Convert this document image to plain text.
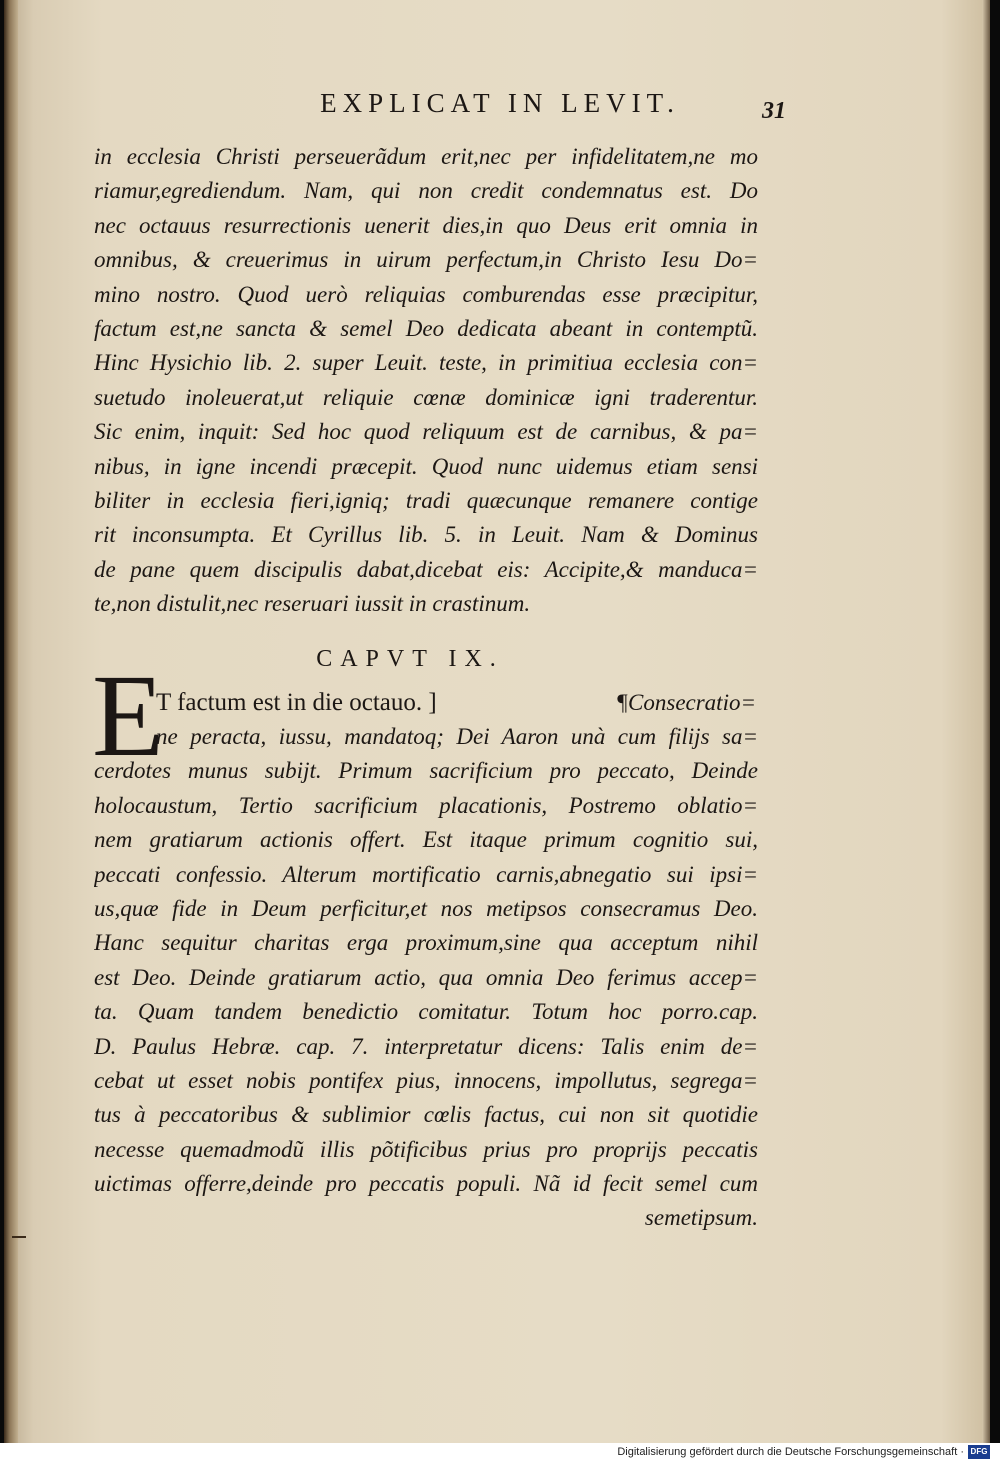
EXPLICAT IN LEVIT.	31
in ecclesia Christi perseuerãdum erit,nec per infidelitatem,ne mo
riamur,egrediendum. Nam, qui non credit condemnatus est. Do
nec octauus resurrectionis uenerit dies,in quo Deus erit omnia in
omnibus, & creuerimus in uirum perfectum,in Christo Iesu Do=
mino nostro. Quod uerò reliquias comburendas esse præcipitur,
factum est,ne sancta & semel Deo dedicata abeant in contemptũ.
Hinc Hysichio lib. 2. super Leuit. teste, in primitiua ecclesia con=
suetudo inoleuerat,ut reliquie cœnæ dominicæ igni traderentur.
Sic enim, inquit: Sed hoc quod reliquum est de carnibus, & pa=
nibus, in igne incendi præcepit. Quod nunc uidemus etiam sensi
biliter in ecclesia fieri,igniq; tradi quæcunque remanere contige
rit inconsumpta. Et Cyrillus lib. 5. in Leuit. Nam & Dominus
de pane quem discipulis dabat,dicebat eis: Accipite,& manduca=
te,non distulit,nec reseruari iussit in crastinum.
CAPVT IX.
E
T factum est in die octauo. ]	¶Consecratio=
ne peracta, iussu, mandatoq; Dei Aaron unà cum filijs sa=
cerdotes munus subijt. Primum sacrificium pro peccato, Deinde
holocaustum, Tertio sacrificium placationis, Postremo oblatio=
nem gratiarum actionis offert. Est itaque primum cognitio sui,
peccati confessio. Alterum mortificatio carnis,abnegatio sui ipsi=
us,quæ fide in Deum perficitur,et nos metipsos consecramus Deo.
Hanc sequitur charitas erga proximum,sine qua acceptum nihil
est Deo. Deinde gratiarum actio, qua omnia Deo ferimus accep=
ta. Quam tandem benedictio comitatur. Totum hoc porro.cap.
D. Paulus Hebræ. cap. 7. interpretatur dicens: Talis enim de=
cebat ut esset nobis pontifex pius, innocens, impollutus, segrega=
tus à peccatoribus & sublimior cœlis factus, cui non sit quotidie
necesse quemadmodũ illis põtificibus prius pro proprijs peccatis
uictimas offerre,deinde pro peccatis populi. Nã id fecit semel cum
semetipsum.
Digitalisierung gefördert durch die Deutsche Forschungsgemeinschaft · DFG
